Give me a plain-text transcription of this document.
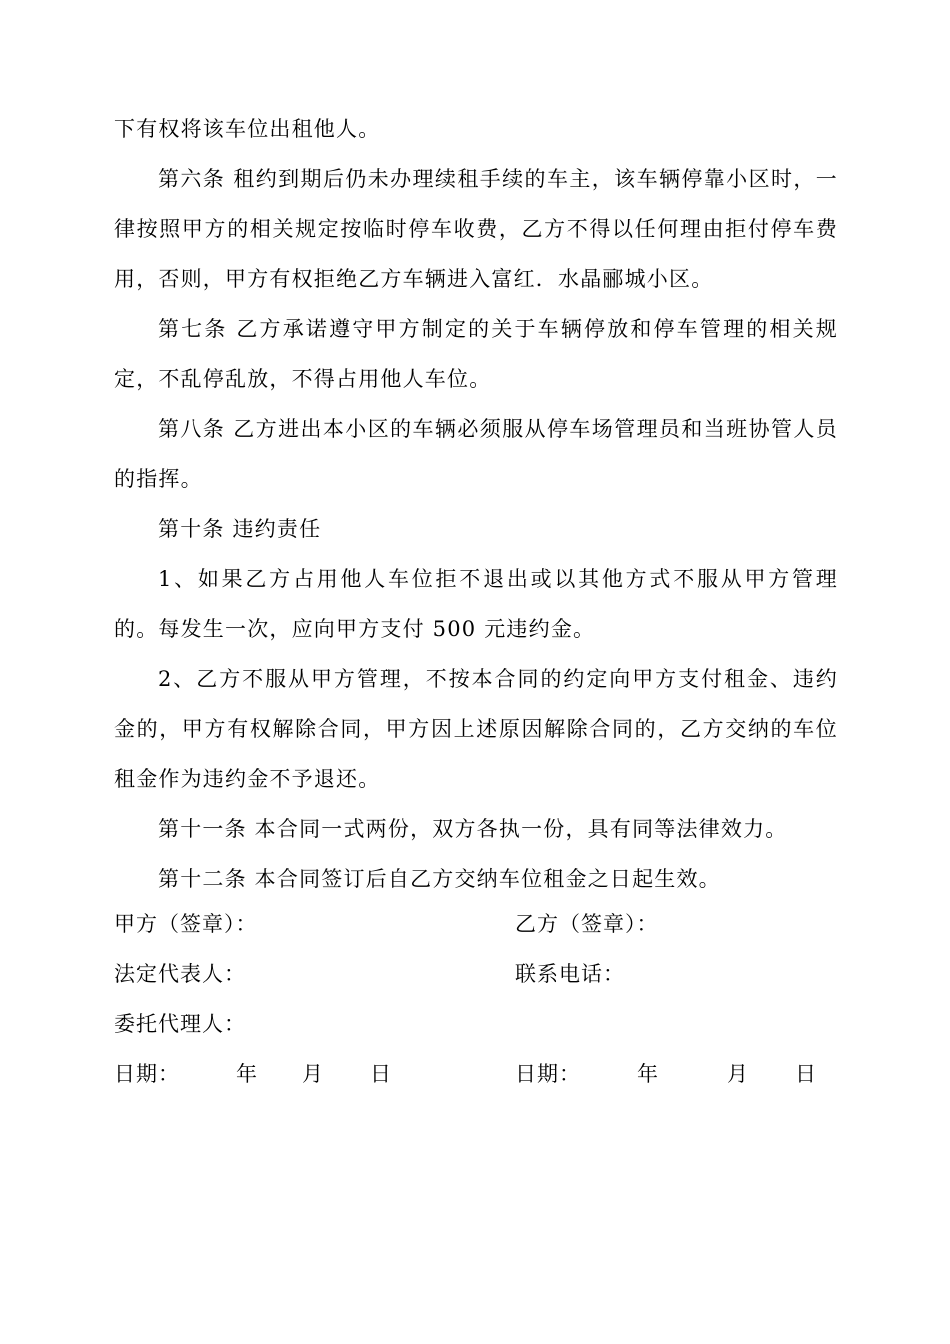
下有权将该车位出租他人。

第六条 租约到期后仍未办理续租手续的车主，该车辆停靠小区时，一律按照甲方的相关规定按临时停车收费，乙方不得以任何理由拒付停车费用，否则，甲方有权拒绝乙方车辆进入富红．水晶郦城小区。

第七条 乙方承诺遵守甲方制定的关于车辆停放和停车管理的相关规定，不乱停乱放，不得占用他人车位。

第八条 乙方进出本小区的车辆必须服从停车场管理员和当班协管人员的指挥。

第十条 违约责任

1、如果乙方占用他人车位拒不退出或以其他方式不服从甲方管理的。每发生一次，应向甲方支付 500 元违约金。

2、乙方不服从甲方管理，不按本合同的约定向甲方支付租金、违约金的，甲方有权解除合同，甲方因上述原因解除合同的，乙方交纳的车位租金作为违约金不予退还。

第十一条 本合同一式两份，双方各执一份，具有同等法律效力。

第十二条 本合同签订后自乙方交纳车位租金之日起生效。

甲方（签章）：	乙方（签章）：
法定代表人：	联系电话：
委托代理人：
日期：	年 月 日	日期：	年	月 日
